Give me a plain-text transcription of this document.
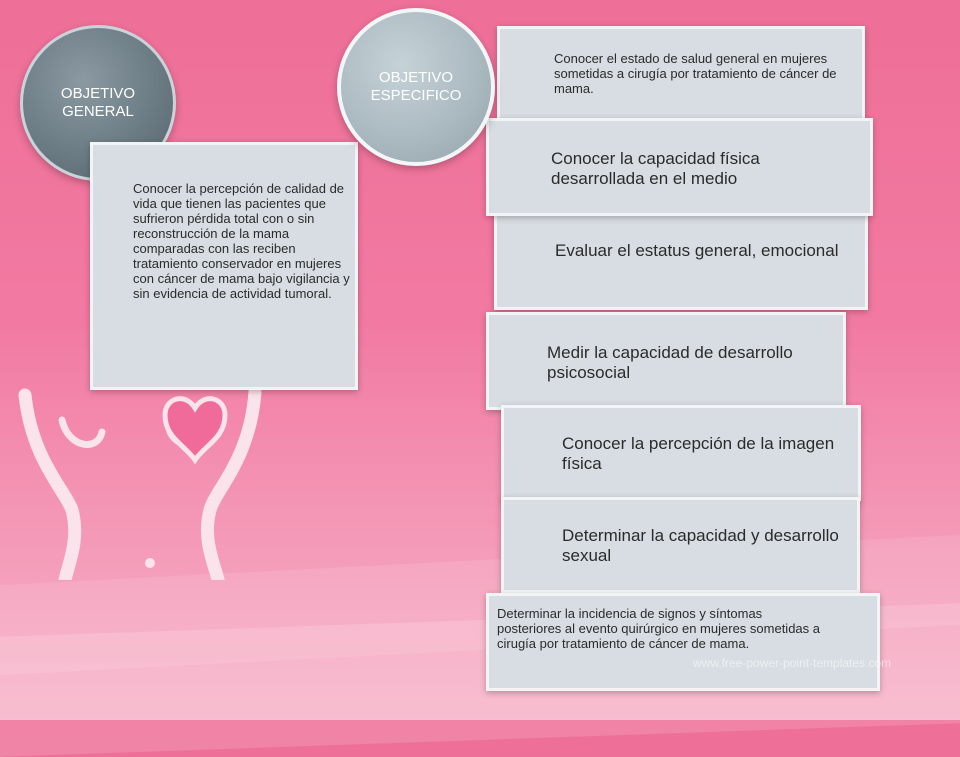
OBJETIVO GENERAL
Conocer la percepción de calidad de vida que tienen las pacientes que sufrieron pérdida total con o sin reconstrucción de la mama comparadas con las reciben tratamiento conservador en mujeres con cáncer de mama bajo vigilancia y sin evidencia de actividad tumoral.
OBJETIVO ESPECIFICO
Conocer el estado de salud general en mujeres sometidas a cirugía por tratamiento de cáncer de mama.
Evaluar el estatus general, emocional
Conocer la capacidad física desarrollada en el medio
Medir la capacidad de desarrollo psicosocial
Conocer la percepción de la imagen física
Determinar la capacidad y desarrollo sexual
Determinar la incidencia de signos y síntomas posteriores al evento quirúrgico en mujeres sometidas a cirugía por tratamiento de cáncer de mama.
www.free-power-point-templates.com
